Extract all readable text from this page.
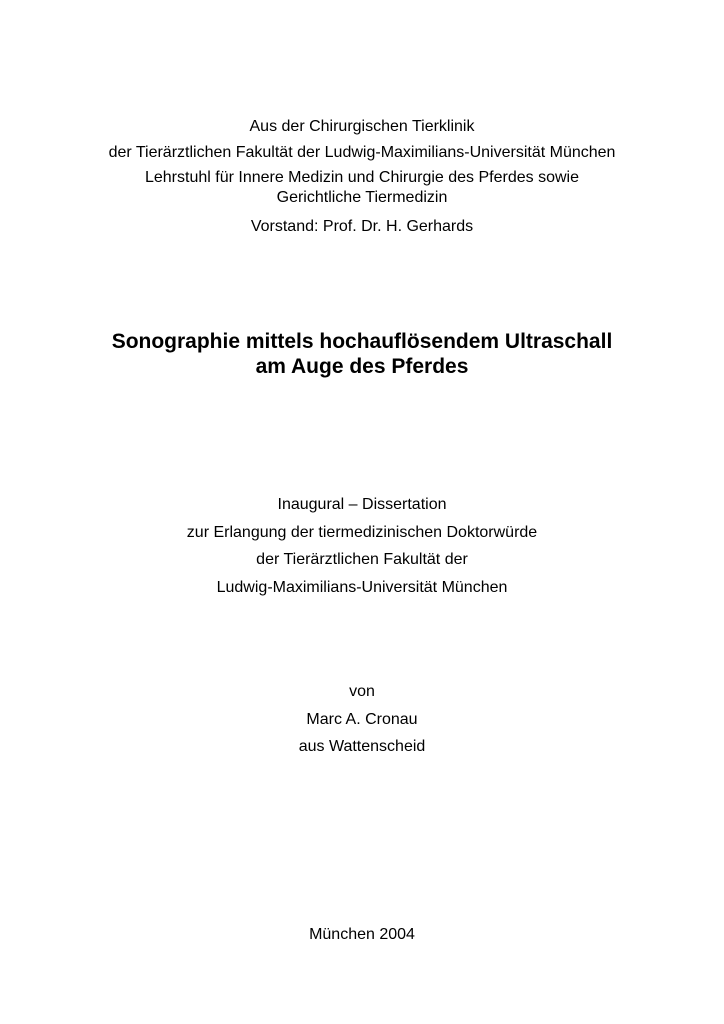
Aus der Chirurgischen Tierklinik
der Tierärztlichen Fakultät der Ludwig-Maximilians-Universität München
Lehrstuhl für Innere Medizin und Chirurgie des Pferdes sowie
Gerichtliche Tiermedizin
Vorstand: Prof. Dr. H. Gerhards
Sonographie mittels hochauflösendem Ultraschall
am Auge des Pferdes
Inaugural – Dissertation
zur Erlangung der tiermedizinischen Doktorwürde
der Tierärztlichen Fakultät der
Ludwig-Maximilians-Universität München
von
Marc A. Cronau
aus Wattenscheid
München 2004
